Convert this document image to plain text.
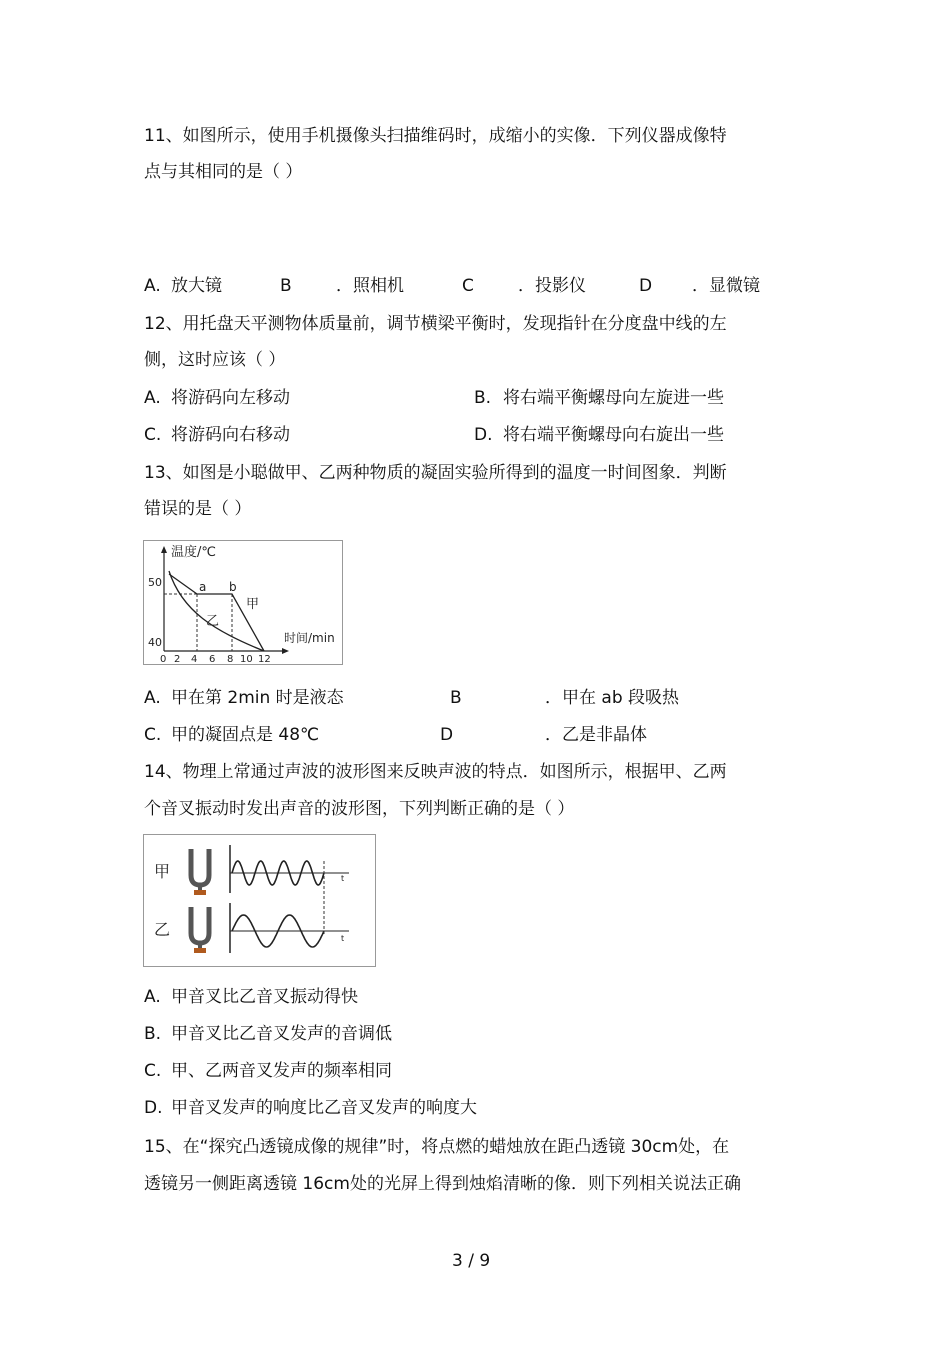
11、如图所示，使用手机摄像头扫描维码时，成缩小的实像．下列仪器成像特
点与其相同的是（ ）
A. 放大镜	B	．照相机	C	．投影仪	D ．显微镜
12、用托盘天平测物体质量前，调节横梁平衡时，发现指针在分度盘中线的左
侧，这时应该（ ）
A. 将游码向左移动	B. 将右端平衡螺母向左旋进一些
C. 将游码向右移动	D. 将右端平衡螺母向右旋出一些
13、如图是小聪做甲、乙两种物质的凝固实验所得到的温度一时间图象．判断
错误的是（ ）
温度/℃
时间/min
50
40
0 2 4 6 8 10 12
a b
甲
乙
A. 甲在第 2min 时是液态	B	．甲在 ab 段吸热
C. 甲的凝固点是 48℃	D	．乙是非晶体
14、物理上常通过声波的波形图来反映声波的特点．如图所示，根据甲、乙两
个音叉振动时发出声音的波形图，下列判断正确的是（ ）
甲
乙
t
t
A. 甲音叉比乙音叉振动得快
B. 甲音叉比乙音叉发声的音调低
C. 甲、乙两音叉发声的频率相同
D. 甲音叉发声的响度比乙音叉发声的响度大
15、在“探究凸透镜成像的规律”时，将点燃的蜡烛放在距凸透镜 30cm处，在
透镜另一侧距离透镜 16cm处的光屏上得到烛焰清晰的像．则下列相关说法正确
3 / 9
